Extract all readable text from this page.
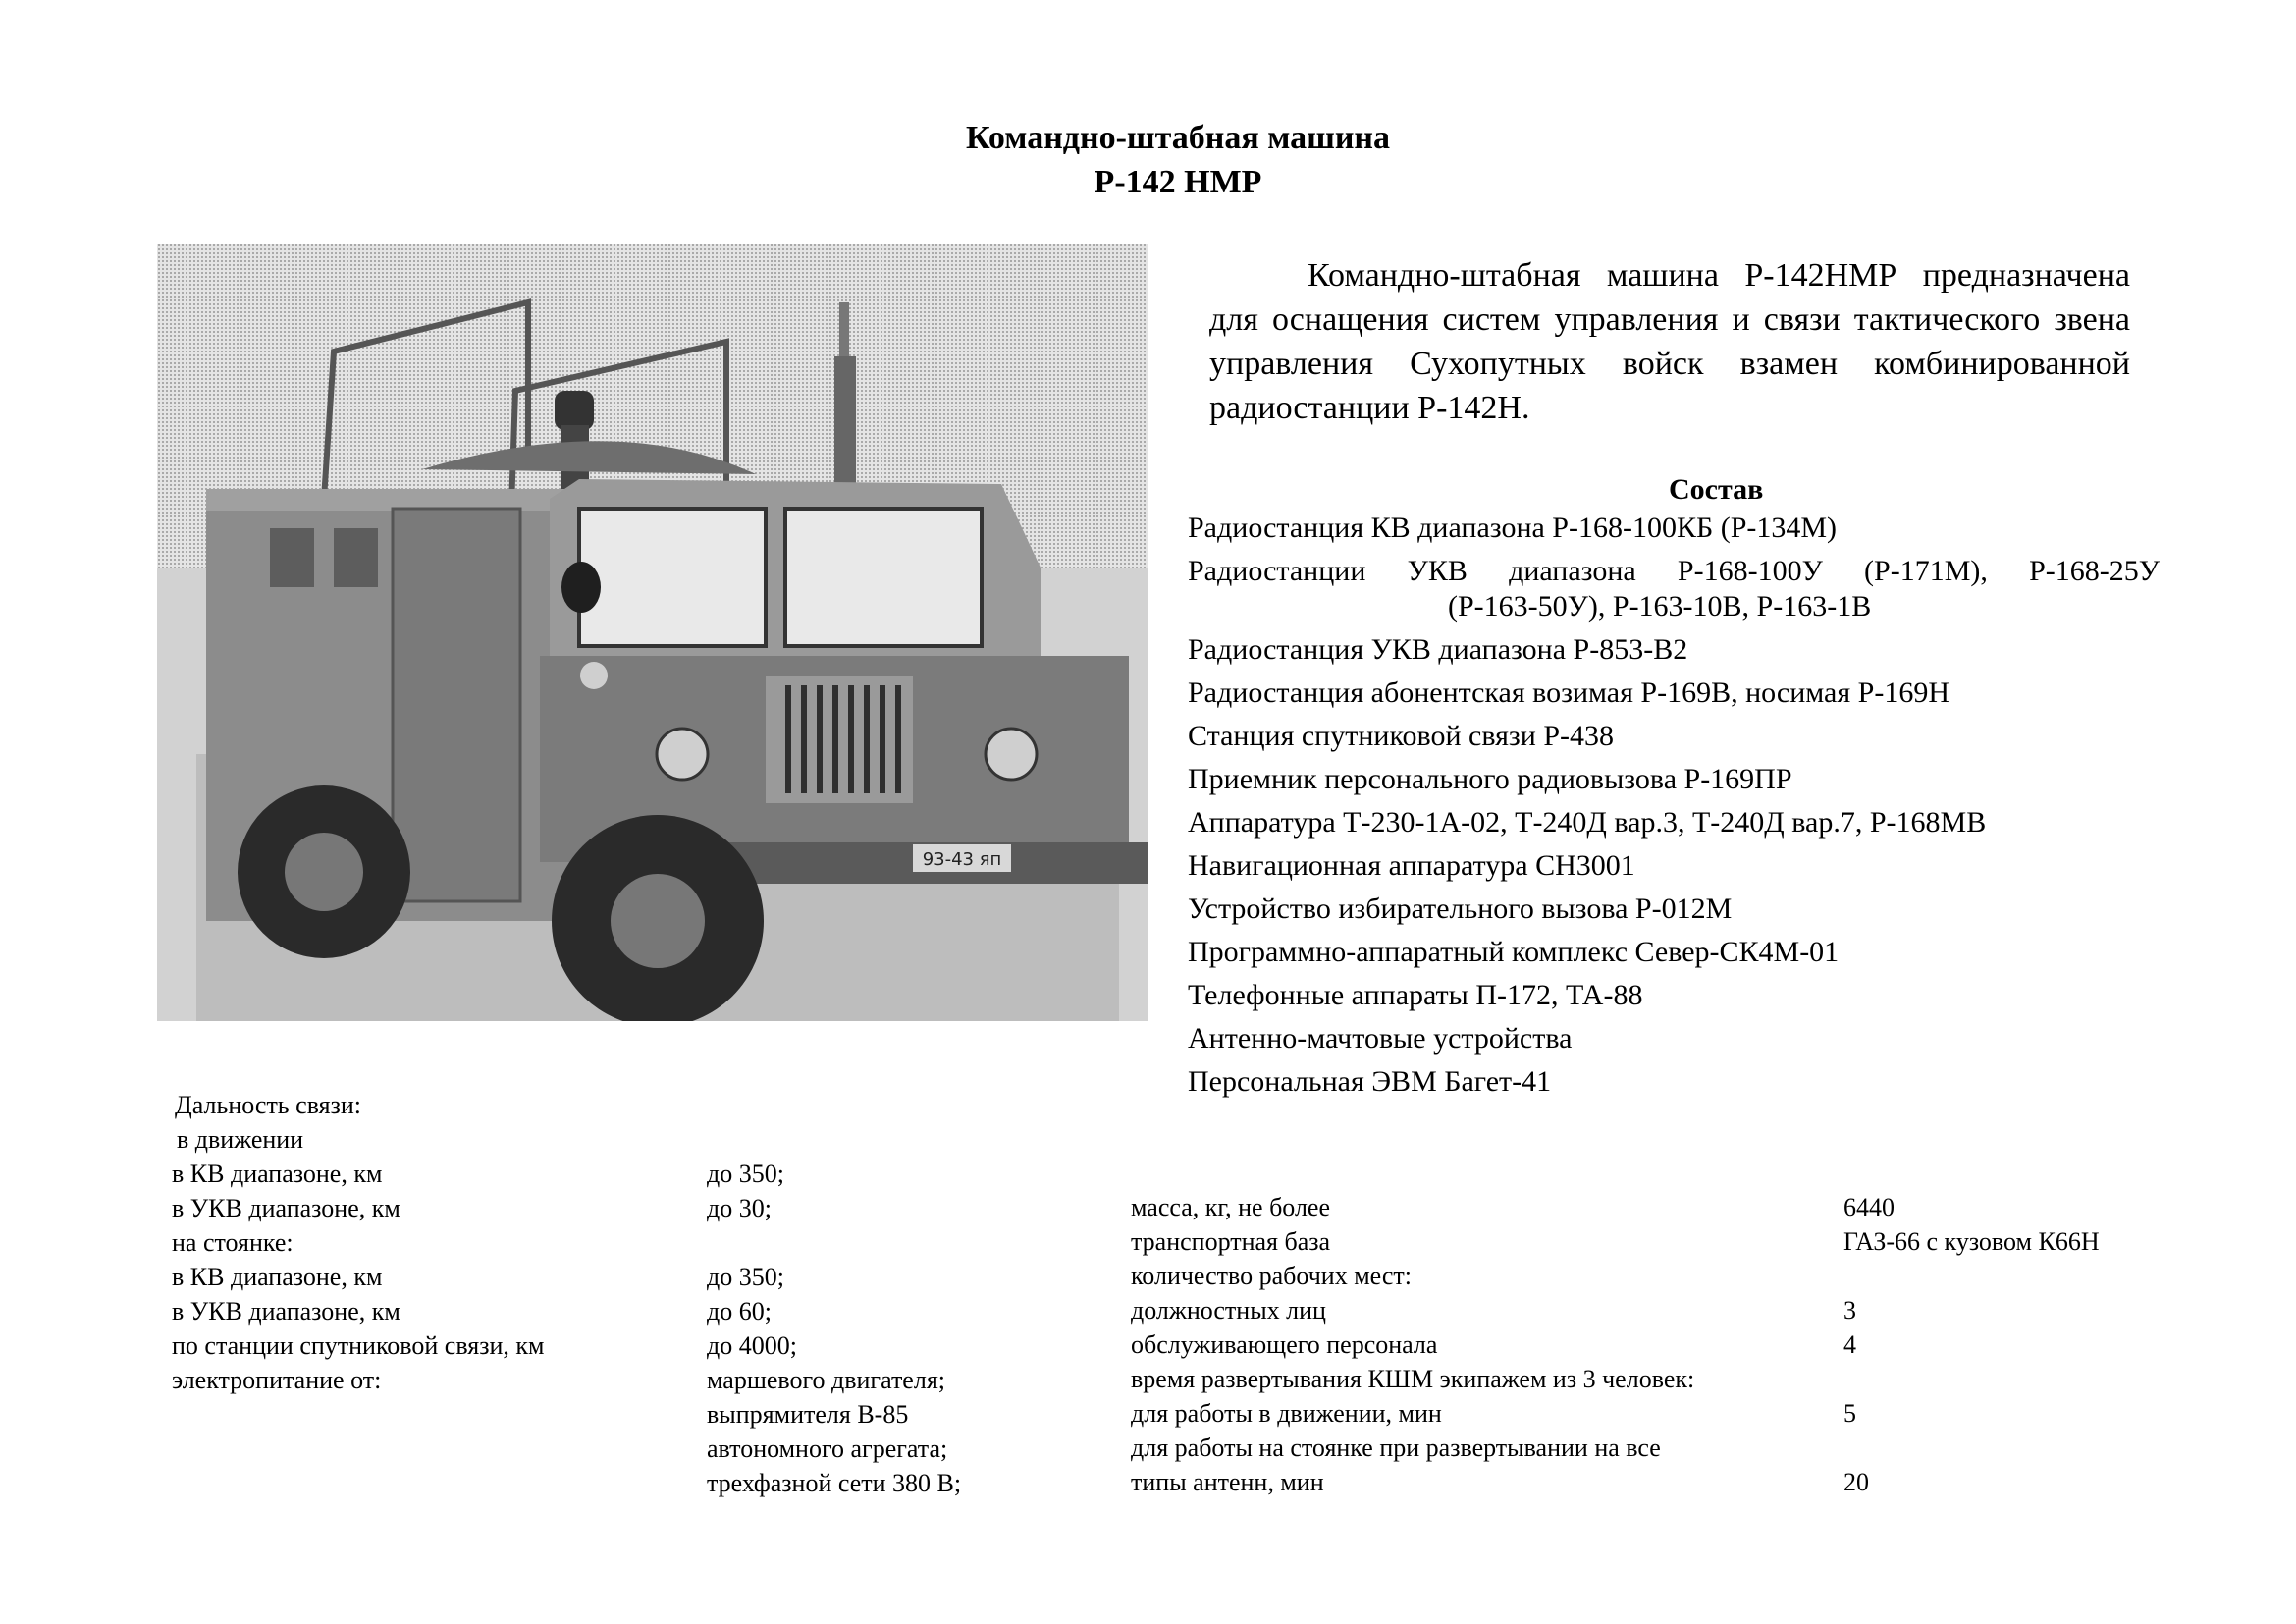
Командно-штабная машина
Р-142 НМР
93-43 яп
Командно-штабная машина Р-142НМР предназначена для оснащения систем управления и связи тактического звена управления Сухопутных войск взамен комбинированной радиостанции Р-142Н.
Состав
Радиостанция КВ диапазона Р-168-100КБ (Р-134М)
Радиостанции УКВ диапазона Р-168-100У (Р-171М), Р-168-25У
(Р-163-50У), Р-163-10В, Р-163-1В
Радиостанция УКВ диапазона Р-853-В2
Радиостанция абонентская возимая Р-169В, носимая Р-169Н
Станция спутниковой связи Р-438
Приемник персонального радиовызова Р-169ПР
Аппаратура Т-230-1А-02, Т-240Д вар.3, Т-240Д вар.7, Р-168МВ
Навигационная аппаратура СН3001
Устройство избирательного вызова Р-012М
Программно-аппаратный комплекс Север-СК4М-01
Телефонные аппараты П-172, ТА-88
Антенно-мачтовые устройства
Персональная ЭВМ Багет-41
Дальность связи:
в движении
в КВ диапазоне, км	до 350;
в УКВ диапазоне, км	до 30;
на стоянке:
в КВ диапазоне, км	до 350;
в УКВ диапазоне, км	до 60;
по станции спутниковой связи, км	до 4000;
электропитание от:	маршевого двигателя;
выпрямителя В-85
автономного агрегата;
трехфазной сети 380 В;
масса, кг, не более	6440
транспортная база	ГАЗ-66 с кузовом К66Н
количество рабочих мест:
должностных лиц	3
обслуживающего персонала	4
время развертывания КШМ экипажем из 3 человек:
для работы в движении, мин	5
для работы на стоянке при развертывании на все
типы антенн, мин	20
